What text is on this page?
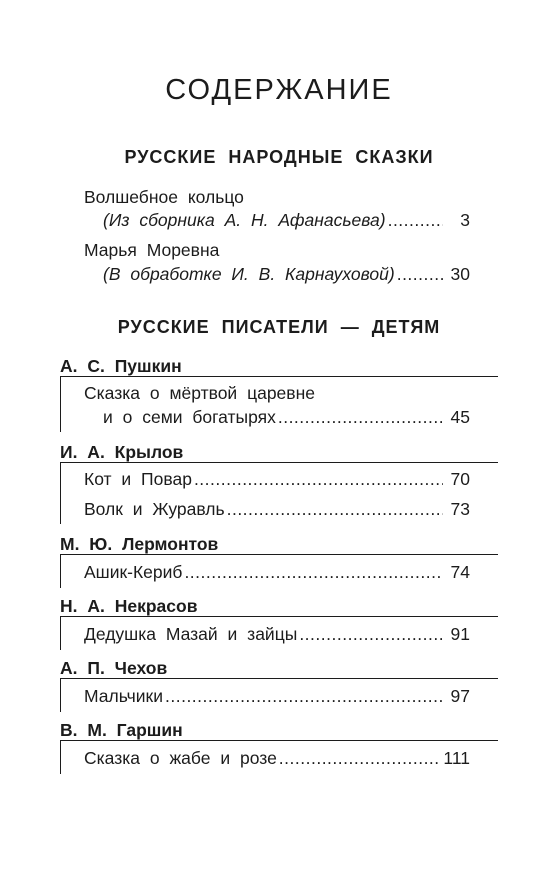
СОДЕРЖАНИЕ
РУССКИЕ НАРОДНЫЕ СКАЗКИ
Волшебное кольцо
(Из сборника А. Н. Афанасьева) .....	3
Марья Моревна
(В обработке И. В. Карнауховой) .....	30
РУССКИЕ ПИСАТЕЛИ — ДЕТЯМ
А. С. Пушкин
Сказка о мёртвой царевне
и о семи богатырях .....	45
И. А. Крылов
Кот и Повар .....	70
Волк и Журавль .....	73
М. Ю. Лермонтов
Ашик-Кериб .....	74
Н. А. Некрасов
Дедушка Мазай и зайцы .....	91
А. П. Чехов
Мальчики .....	97
В. М. Гаршин
Сказка о жабе и розе .....	111
